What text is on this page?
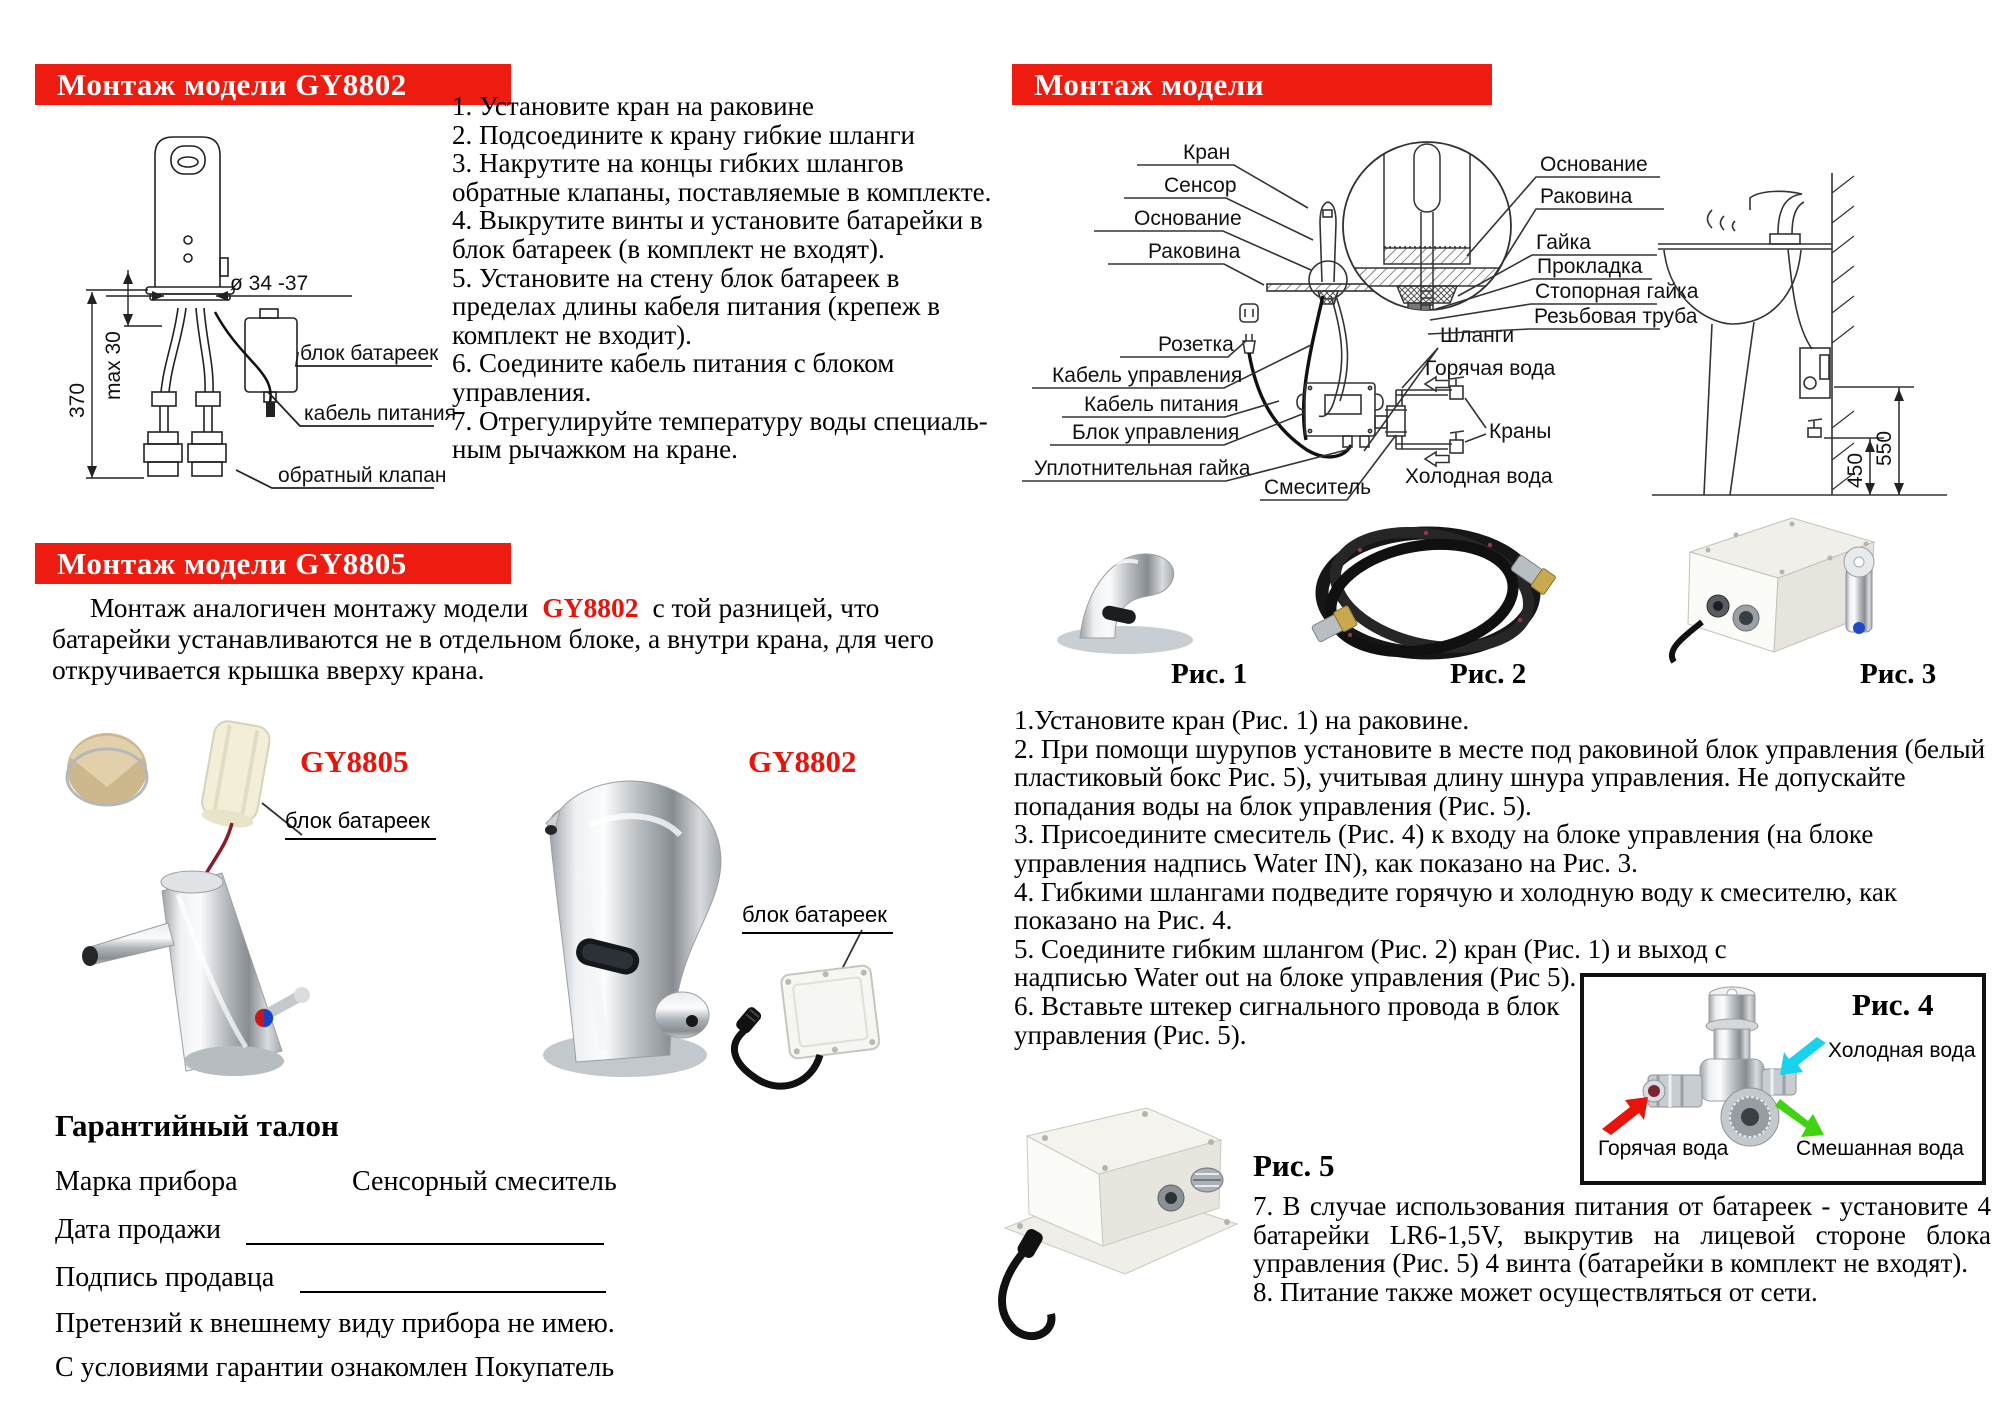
Монтаж модели GY8802
370
max 30
ø 34 -37
блок батареек
кабель питания
обратный клапан
1. Установите кран на раковине
2. Подсоедините к крану гибкие шланги
3. Накрутите на концы гибких шлангов обратные клапаны, поставляемые в комплекте.
4. Выкрутите винты и установите батарейки в блок батареек (в комплект не входят).
5. Установите на стену блок батареек в пределах длины кабеля питания (крепеж в комплект не входит).
6. Соедините кабель питания с блоком управления.
7. Отрегулируйте температуру воды специаль-ным рычажком на кране.
Монтаж модели GY8805
Монтаж аналогичен монтажу модели GY8802 с той разницей, что батарейки устанавливаются не в отдельном блоке, а внутри крана, для чего откручивается крышка вверху крана.
GY8805
блок батареек
GY8802
блок батареек
Гарантийный талон
Марка прибора	Сенсорный смеситель
Дата продажи
Подпись продавца
Претензий к внешнему виду прибора не имею.
С условиями гарантии ознакомлен Покупатель
Монтаж модели
Кран
Сенсор
Основание
Раковина
Розетка
Кабель управления
Кабель питания
Блок управления
Уплотнительная гайка
Смеситель
Шланги
Горячая вода
Краны
Холодная вода
Основание
Раковина
Гайка
Прокладка
Стопорная гайка
Резьбовая труба
550
450
Рис. 1	Рис. 2	Рис. 3
1.Установите кран (Рис. 1) на раковине.
2. При помощи шурупов установите в месте под раковиной блок управления (белый пластиковый бокс Рис. 5), учитывая длину шнура управления. Не допускайте попадания воды на блок управления (Рис. 5).
3. Присоедините смеситель (Рис. 4) к входу на блоке управления (на блоке управления надпись Water IN), как показано на Рис. 3.
4. Гибкими шлангами подведите горячую и холодную воду к смесителю, как показано на Рис. 4.
5. Соедините гибким шлангом (Рис. 2) кран (Рис. 1) и выход с надписью Water out на блоке управления (Рис 5).
6. Вставьте штекер сигнального провода в блок управления (Рис. 5).
Рис. 4
Холодная вода
Горячая вода	Смешанная вода
Рис. 5
7. В случае использования питания от батареек - установите 4 батарейки LR6-1,5V, выкрутив на лицевой стороне блока управления (Рис. 5) 4 винта (батарейки в комплект не входят).
8. Питание также может осуществляться от сети.
